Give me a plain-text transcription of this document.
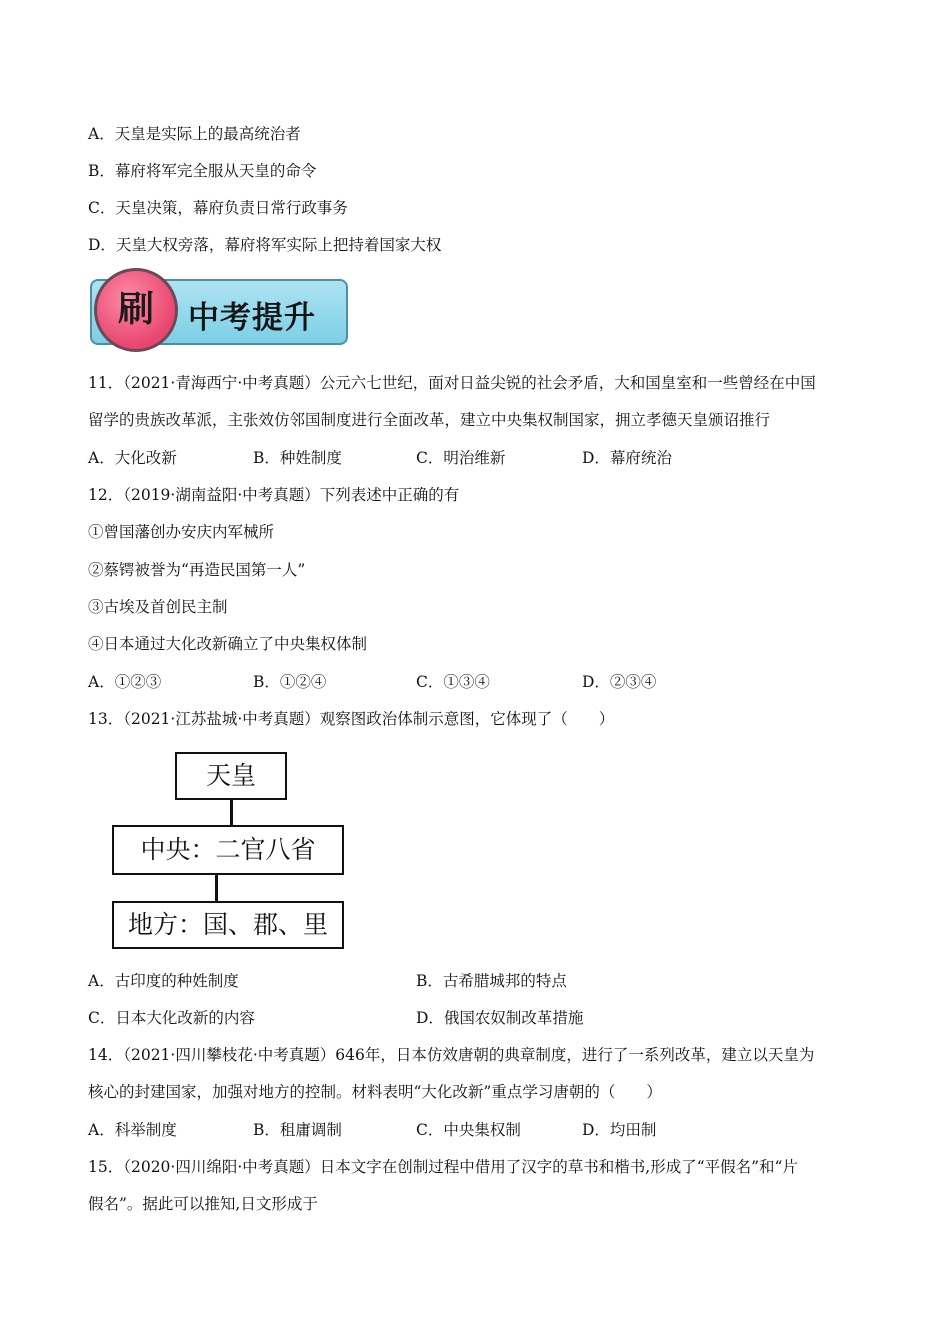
A．天皇是实际上的最高统治者
B．幕府将军完全服从天皇的命令
C．天皇决策，幕府负责日常行政事务
D．天皇大权旁落，幕府将军实际上把持着国家大权
刷	中考提升
11．（2021·青海西宁·中考真题）公元六七世纪，面对日益尖锐的社会矛盾，大和国皇室和一些曾经在中国
留学的贵族改革派，主张效仿邻国制度进行全面改革，建立中央集权制国家，拥立孝德天皇颁诏推行
A．大化改新	B．种姓制度	C．明治维新	D．幕府统治
12．（2019·湖南益阳·中考真题）下列表述中正确的有
①曾国藩创办安庆内军械所
②蔡锷被誉为“再造民国第一人”
③古埃及首创民主制
④日本通过大化改新确立了中央集权体制
A．①②③	B．①②④	C．①③④	D．②③④
13．（2021·江苏盐城·中考真题）观察图政治体制示意图，它体现了（　　）
天皇
中央：二官八省
地方：国、郡、里
A．古印度的种姓制度	B．古希腊城邦的特点
C．日本大化改新的内容	D．俄国农奴制改革措施
14．（2021·四川攀枝花·中考真题）646年，日本仿效唐朝的典章制度，进行了一系列改革，建立以天皇为
核心的封建国家，加强对地方的控制。材料表明“大化改新”重点学习唐朝的（　　）
A．科举制度	B．租庸调制	C．中央集权制	D．均田制
15．（2020·四川绵阳·中考真题）日本文字在创制过程中借用了汉字的草书和楷书,形成了“平假名”和“片
假名”。据此可以推知,日文形成于
